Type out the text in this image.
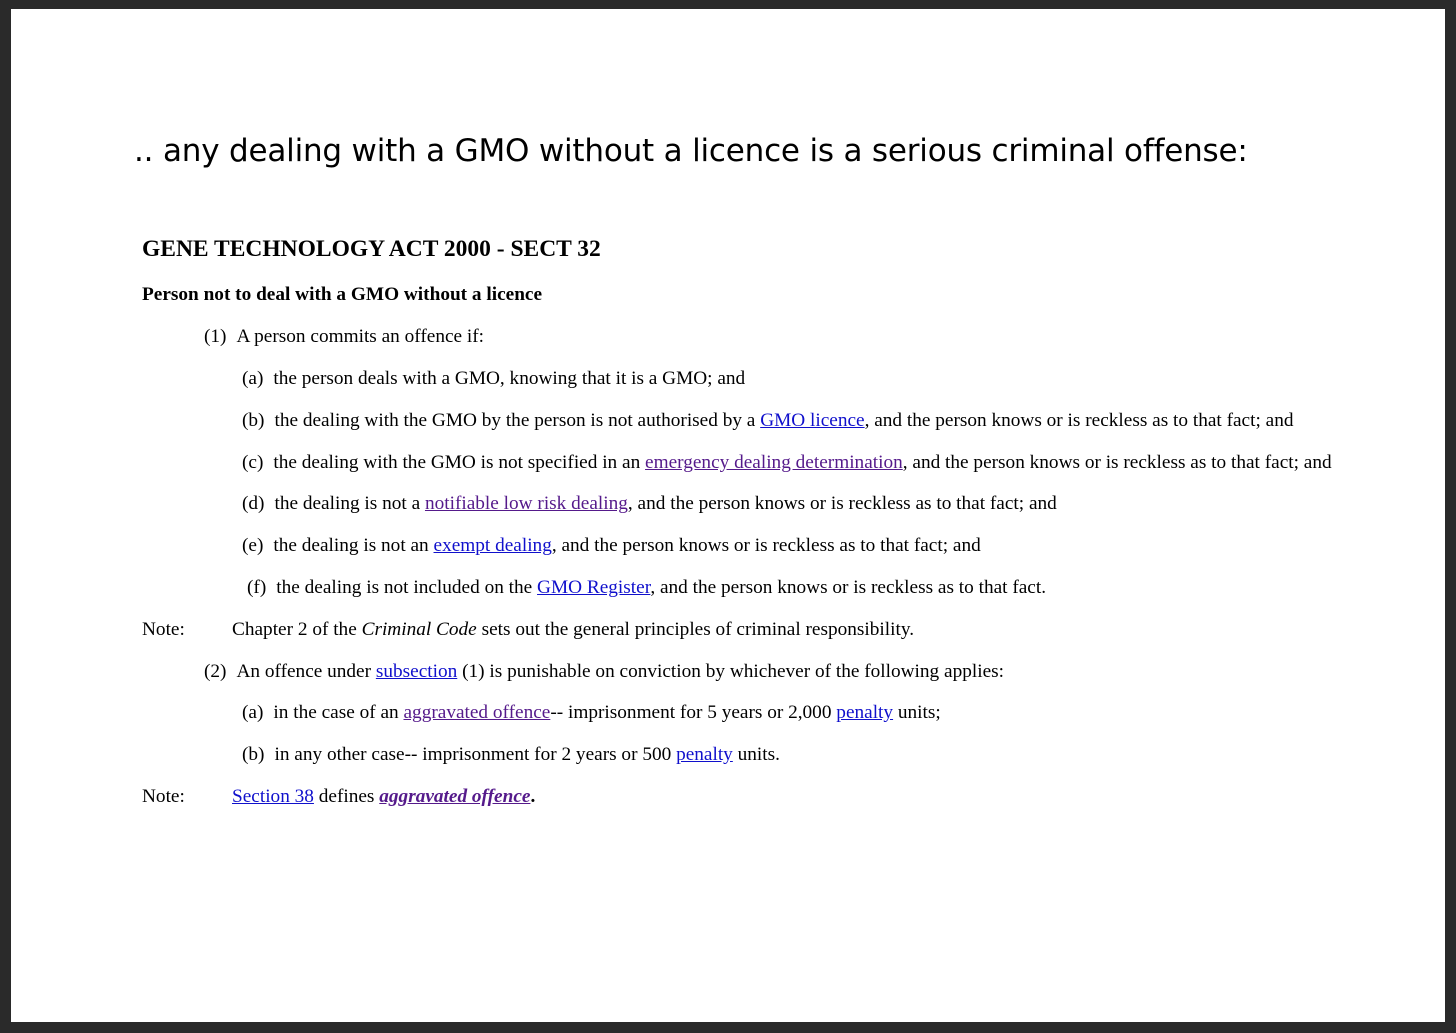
.. any dealing with a GMO without a licence is a serious criminal offense:
GENE TECHNOLOGY ACT 2000 - SECT 32
Person not to deal with a GMO without a licence
(1) A person commits an offence if:
(a) the person deals with a GMO, knowing that it is a GMO; and
(b) the dealing with the GMO by the person is not authorised by a GMO licence, and the person knows or is reckless as to that fact; and
(c) the dealing with the GMO is not specified in an emergency dealing determination, and the person knows or is reckless as to that fact; and
(d) the dealing is not a notifiable low risk dealing, and the person knows or is reckless as to that fact; and
(e) the dealing is not an exempt dealing, and the person knows or is reckless as to that fact; and
(f) the dealing is not included on the GMO Register, and the person knows or is reckless as to that fact.
Note: Chapter 2 of the Criminal Code sets out the general principles of criminal responsibility.
(2) An offence under subsection (1) is punishable on conviction by whichever of the following applies:
(a) in the case of an aggravated offence-- imprisonment for 5 years or 2,000 penalty units;
(b) in any other case-- imprisonment for 2 years or 500 penalty units.
Note: Section 38 defines aggravated offence.
